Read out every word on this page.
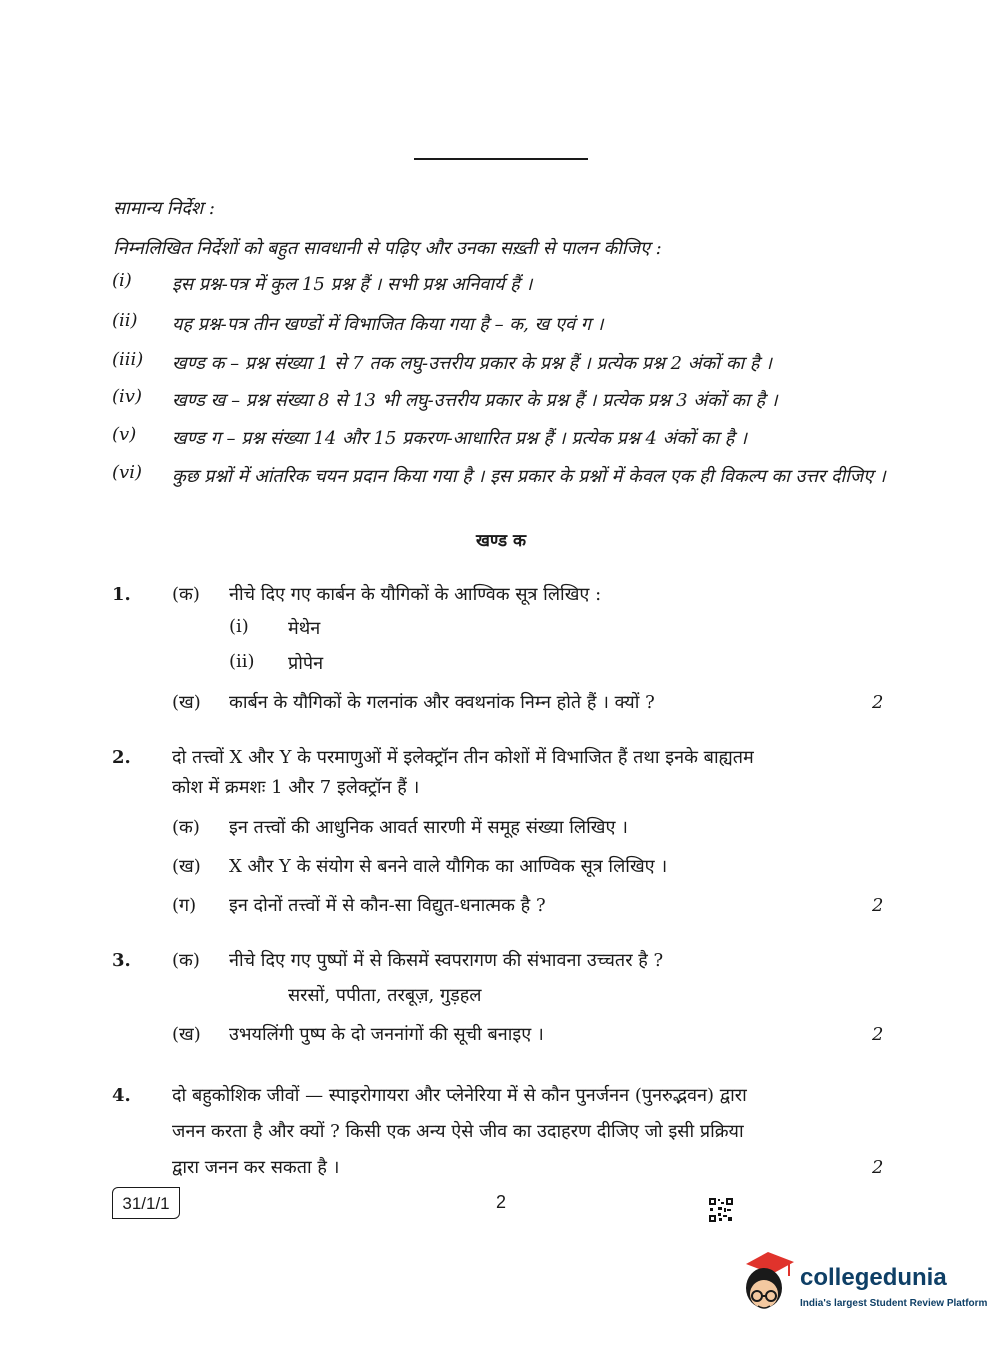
सामान्य निर्देश :
निम्नलिखित निर्देशों को बहुत सावधानी से पढ़िए और उनका सख़्ती से पालन कीजिए :
(i)	इस प्रश्न-पत्र में कुल 15 प्रश्न हैं । सभी प्रश्न अनिवार्य हैं ।
(ii)	यह प्रश्न-पत्र तीन खण्डों में विभाजित किया गया है – क, ख एवं ग ।
(iii)	खण्ड क – प्रश्न संख्या 1 से 7 तक लघु-उत्तरीय प्रकार के प्रश्न हैं । प्रत्येक प्रश्न 2 अंकों का है ।
(iv)	खण्ड ख – प्रश्न संख्या 8 से 13 भी लघु-उत्तरीय प्रकार के प्रश्न हैं । प्रत्येक प्रश्न 3 अंकों का है ।
(v)	खण्ड ग – प्रश्न संख्या 14 और 15 प्रकरण-आधारित प्रश्न हैं । प्रत्येक प्रश्न 4 अंकों का है ।
(vi)	कुछ प्रश्नों में आंतरिक चयन प्रदान किया गया है । इस प्रकार के प्रश्नों में केवल एक ही विकल्प का उत्तर दीजिए ।
खण्ड क
1. (क) नीचे दिए गए कार्बन के यौगिकों के आण्विक सूत्र लिखिए :
(i) मेथेन
(ii) प्रोपेन
(ख) कार्बन के यौगिकों के गलनांक और क्वथनांक निम्न होते हैं । क्यों ?	2
2. दो तत्त्वों X और Y के परमाणुओं में इलेक्ट्रॉन तीन कोशों में विभाजित हैं तथा इनके बाह्यतम
कोश में क्रमशः 1 और 7 इलेक्ट्रॉन हैं ।
(क) इन तत्त्वों की आधुनिक आवर्त सारणी में समूह संख्या लिखिए ।
(ख) X और Y के संयोग से बनने वाले यौगिक का आण्विक सूत्र लिखिए ।
(ग) इन दोनों तत्त्वों में से कौन-सा विद्युत-धनात्मक है ?	2
3. (क) नीचे दिए गए पुष्पों में से किसमें स्वपरागण की संभावना उच्चतर है ?
सरसों, पपीता, तरबूज़, गुड़हल
(ख) उभयलिंगी पुष्प के दो जननांगों की सूची बनाइए ।	2
4. दो बहुकोशिक जीवों — स्पाइरोगायरा और प्लेनेरिया में से कौन पुनर्जनन (पुनरुद्भवन) द्वारा
जनन करता है और क्यों ? किसी एक अन्य ऐसे जीव का उदाहरण दीजिए जो इसी प्रक्रिया
द्वारा जनन कर सकता है ।	2
31/1/1	2
collegedunia
India's largest Student Review Platform
